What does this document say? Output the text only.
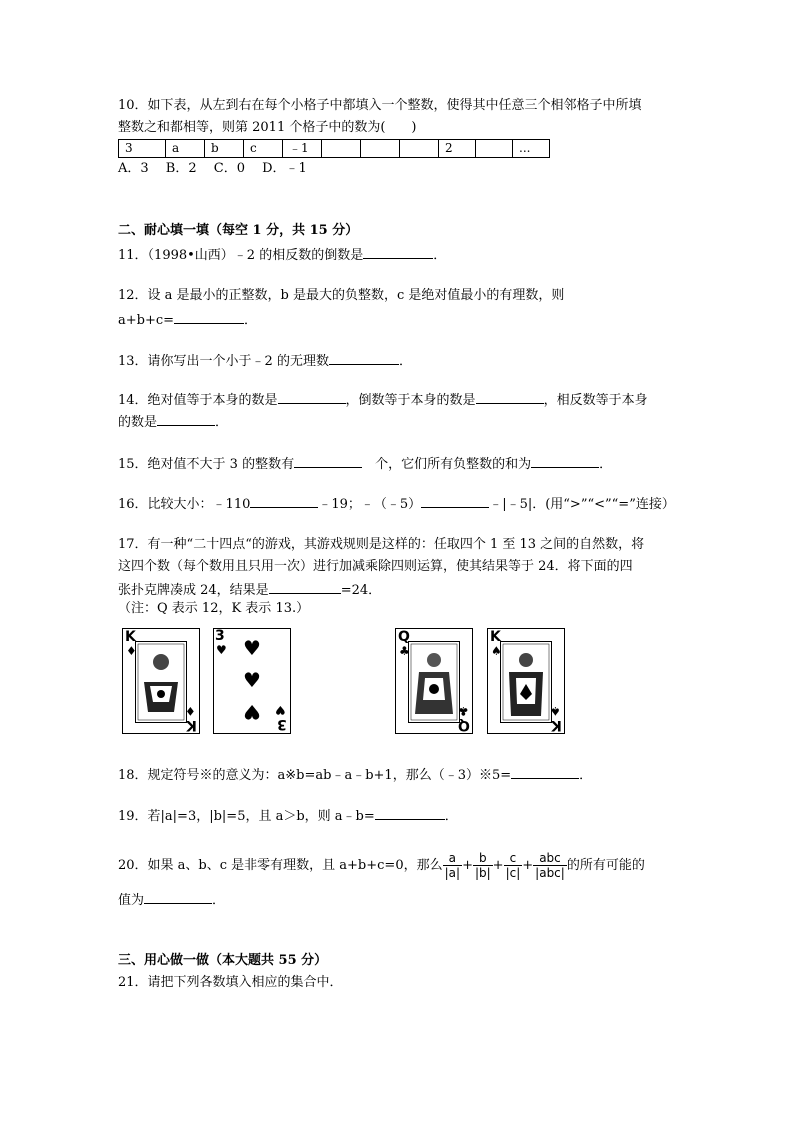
10．如下表，从左到右在每个小格子中都填入一个整数，使得其中任意三个相邻格子中所填
整数之和都相等，则第 2011 个格子中的数为(　　)
3	a	b	c	﹣1				2		...
A．3　 B．2　 C．0　 D．﹣1
二、耐心填一填（每空 1 分，共 15 分）
11．（1998•山西）﹣2 的相反数的倒数是	．
12．设 a 是最小的正整数，b 是最大的负整数，c 是绝对值最小的有理数，则
a+b+c=	．
13．请你写出一个小于﹣2 的无理数	．
14．绝对值等于本身的数是	，倒数等于本身的数是	，相反数等于本身
的数是	．
15．绝对值不大于 3 的整数有	　个，它们所有负整数的和为	．
16．比较大小：﹣110	﹣19；﹣（﹣5）	﹣|﹣5|．(用“>”“<”“=”连接）
17．有一种“二十四点“的游戏，其游戏规则是这样的：任取四个 1 至 13 之间的自然数，将
这四个数（每个数用且只用一次）进行加减乘除四则运算，使其结果等于 24．将下面的四
张扑克牌凑成 24，结果是	=24．
（注：Q 表示 12，K 表示 13.）
K
♦
♦
K
3
♥ ♥
♥
♥ ♥
3
Q
♣
♣
Q
K
♠
♠
K
18．规定符号※的意义为：a※b=ab﹣a﹣b+1，那么（﹣3）※5=	．
19．若|a|=3，|b|=5，且 a＞b，则 a﹣b=	．
20．如果 a、b、c 是非零有理数，且 a+b+c=0，那么 $\frac{a}{|a|} + \frac{b}{|b|} + \frac{c}{|c|} + \frac{\text{abc}}{\text{|abc|}}$ 的所有可能的
值为	．
三、用心做一做（本大题共 55 分）
21．请把下列各数填入相应的集合中．
